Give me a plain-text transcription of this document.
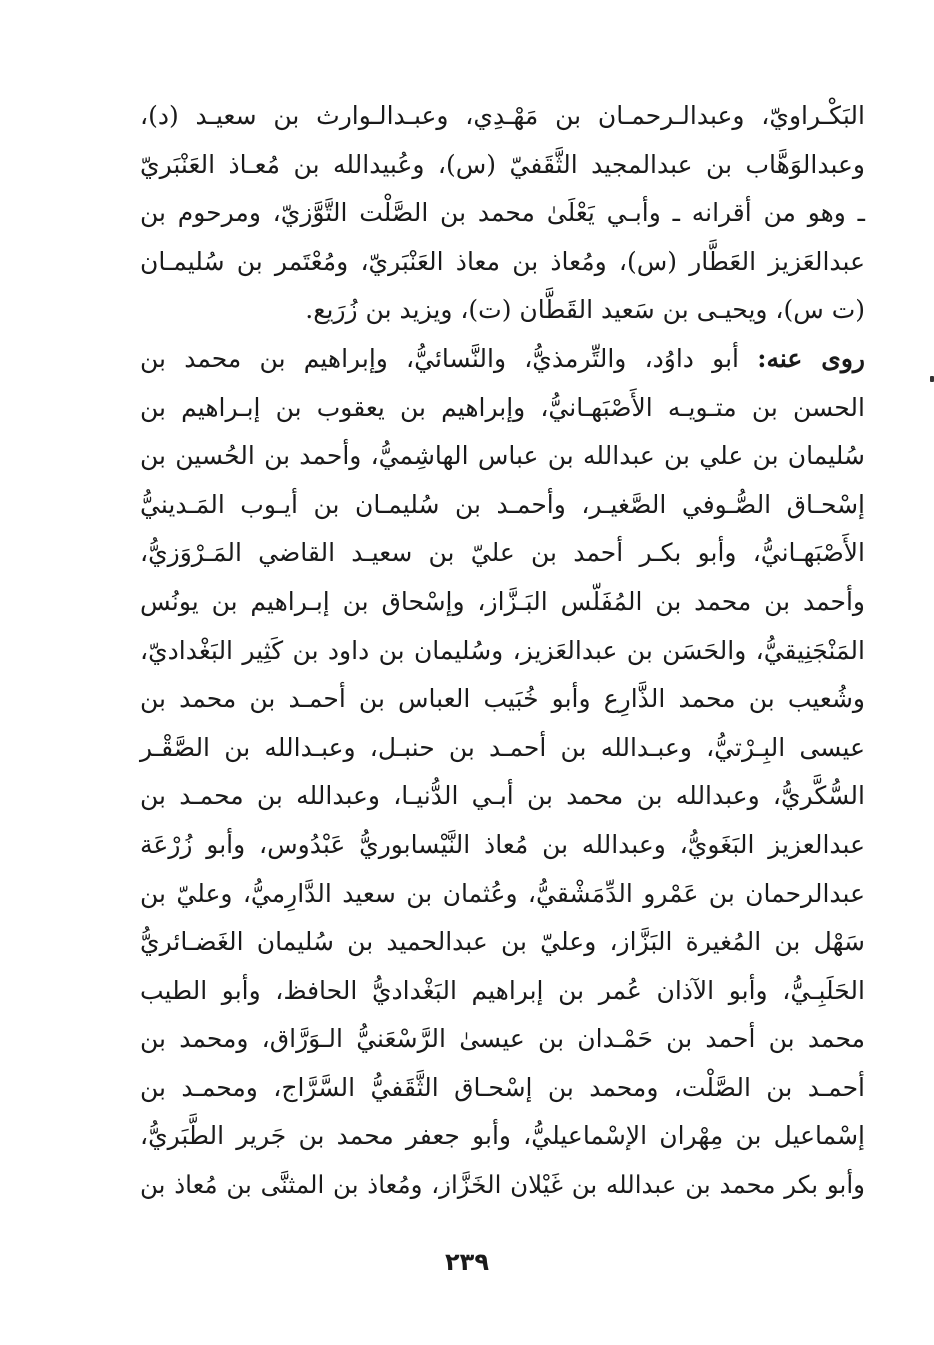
البَكْـراويّ، وعبدالـرحمـان بن مَهْـدِي، وعبـدالـوارث بن سعيـد (د)،
وعبدالوَهَّاب بن عبدالمجيد الثَّقَفيّ (س)، وعُبيدالله بن مُعـاذ العَنْبَريّ
ـ وهو من أقرانه ـ وأبـي يَعْلَىٰ محمد بن الصَّلْت التَّوَّزيّ، ومرحوم بن
عبدالعَزيز العَطَّار (س)، ومُعاذ بن معاذ العَنْبَريّ، ومُعْتَمر بن سُليمـان
(ت س)، ويحيـى بن سَعيد القَطَّان (ت)، ويزيد بن زُرَيع.
روى عنه: أبو داوُد، والتِّرمذيُّ، والنَّسائيُّ، وإبراهيم بن محمد بن
الحسن بن متـويـه الأَصْبَهـانيُّ، وإبراهيم بن يعقوب بن إبـراهيم بن
سُليمان بن علي بن عبدالله بن عباس الهاشِميُّ، وأحمد بن الحُسين بن
إسْحـاق الصُّـوفي الصَّغيـر، وأحمـد بن سُليمـان بن أيـوب المَـدينيُّ
الأَصْبَهـانيُّ، وأبو بكـر أحمد بن عليّ بن سعيـد القاضي المَـرْوَزيُّ،
وأحمد بن محمد بن المُفَلّس البَـزَّاز، وإسْحاق بن إبـراهيم بن يونُس
المَنْجَنِيقيُّ، والحَسَن بن عبدالعَزيز، وسُليمان بن داود بن كَثِير البَغْداديّ،
وشُعيب بن محمد الذَّارِع وأبو خُبَيب العباس بن أحمـد بن محمد بن
عيسى البِـرْتيُّ، وعبـدالله بن أحمـد بن حنبـل، وعبـدالله بن الصَّقْـر
السُّكَّريُّ، وعبدالله بن محمد بن أبـي الدُّنيـا، وعبدالله بن محمـد بن
عبدالعزيز البَغَويُّ، وعبدالله بن مُعاذ النَّيْسابوريُّ عَبْدُوس، وأبو زُرْعَة
عبدالرحمان بن عَمْرو الدِّمَشْقيُّ، وعُثمان بن سعيد الدَّارِميُّ، وعليّ بن
سَهْل بن المُغيرة البَزَّاز، وعليّ بن عبدالحميد بن سُليمان الغَضـائريُّ
الحَلَبِـيُّ، وأبو الآذان عُمر بن إبراهيم البَغْداديُّ الحافظ، وأبو الطيب
محمد بن أحمد بن حَمْـدان بن عيسىٰ الرَّسْعَنيُّ الـوَرَّاق، ومحمد بن
أحمـد بن الصَّلْت، ومحمد بن إسْحـاق الثَّقَفيُّ السَّرَّاج، ومحمـد بن
إسْماعيل بن مِهْران الإسْماعيليُّ، وأبو جعفر محمد بن جَرير الطَّبَريُّ،
وأبو بكر محمد بن عبدالله بن غَيْلان الخَزَّاز، ومُعاذ بن المثنَّى بن مُعاذ بن
٢٣٩
